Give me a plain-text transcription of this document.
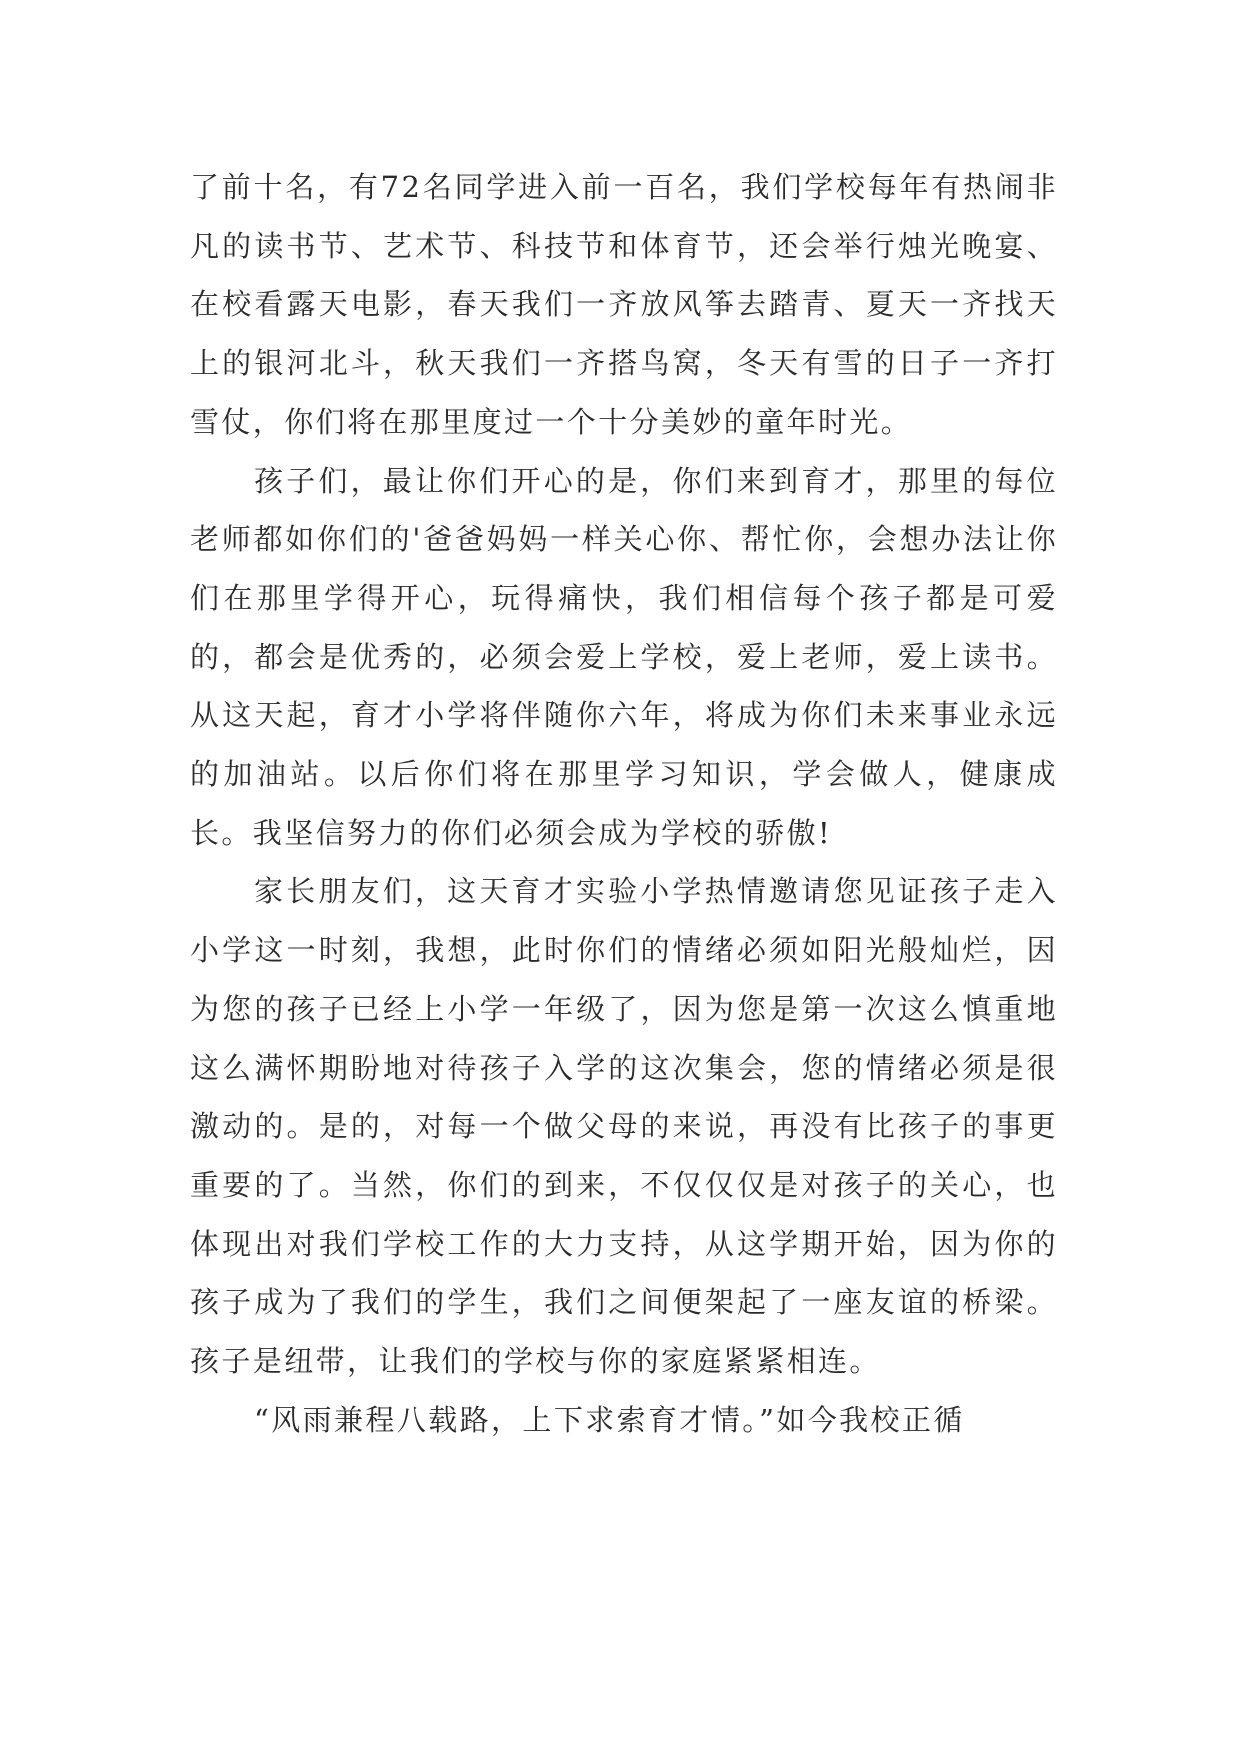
了前十名，有72名同学进入前一百名，我们学校每年有热闹非凡的读书节、艺术节、科技节和体育节，还会举行烛光晚宴、在校看露天电影，春天我们一齐放风筝去踏青、夏天一齐找天上的银河北斗，秋天我们一齐搭鸟窝，冬天有雪的日子一齐打雪仗，你们将在那里度过一个十分美妙的童年时光。

孩子们，最让你们开心的是，你们来到育才，那里的每位老师都如你们的'爸爸妈妈一样关心你、帮忙你，会想办法让你们在那里学得开心，玩得痛快，我们相信每个孩子都是可爱的，都会是优秀的，必须会爱上学校，爱上老师，爱上读书。从这天起，育才小学将伴随你六年，将成为你们未来事业永远的加油站。以后你们将在那里学习知识，学会做人，健康成长。我坚信努力的你们必须会成为学校的骄傲!

家长朋友们，这天育才实验小学热情邀请您见证孩子走入小学这一时刻，我想，此时你们的情绪必须如阳光般灿烂，因为您的孩子已经上小学一年级了，因为您是第一次这么慎重地这么满怀期盼地对待孩子入学的这次集会，您的情绪必须是很激动的。是的，对每一个做父母的来说，再没有比孩子的事更重要的了。当然，你们的到来，不仅仅仅是对孩子的关心，也体现出对我们学校工作的大力支持，从这学期开始，因为你的孩子成为了我们的学生，我们之间便架起了一座友谊的桥梁。孩子是纽带，让我们的学校与你的家庭紧紧相连。

“风雨兼程八载路，上下求索育才情。”如今我校正循
